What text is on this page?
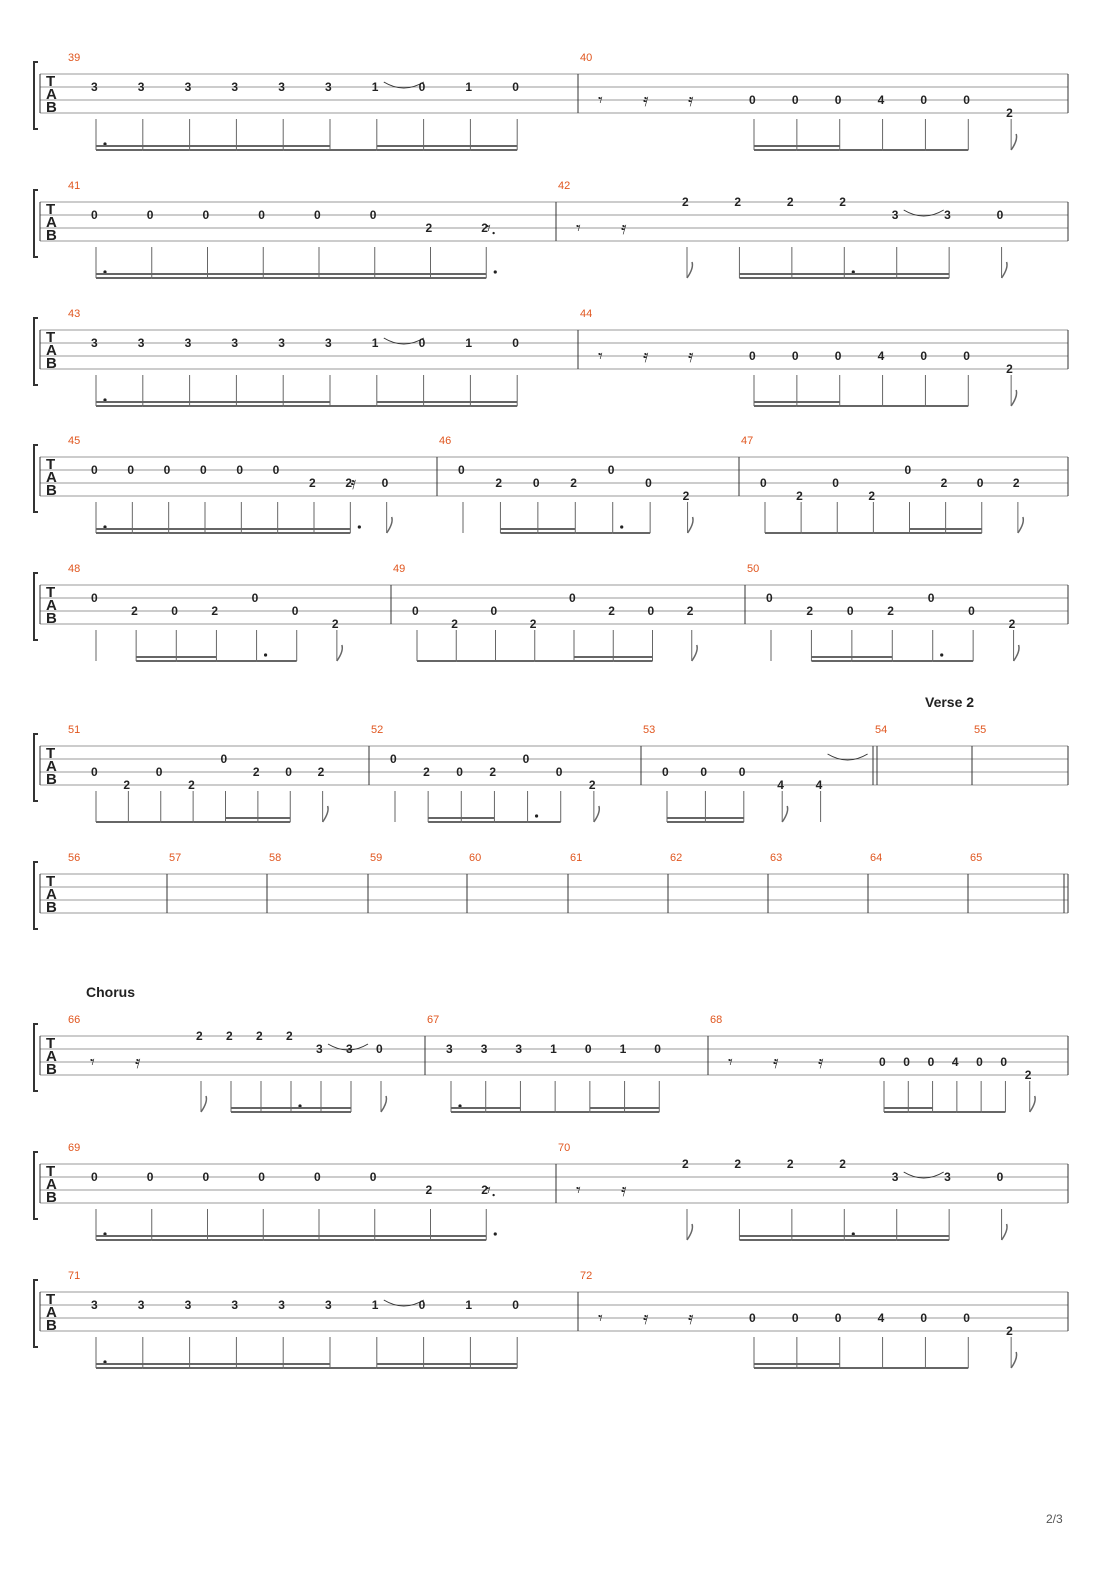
T
A
B
39
3	3	3	3	3	3	1	0	1	0
40
𝄾 𝄿 𝄿	0	0	0	4	0	0
2
T
A
B
41
0	0	0	0	0	0
2	2
𝄾.
42
𝄾 𝄿
2	2	2	2
3	3	0
T
A
B
43
3	3	3	3	3	3	1	0	1	0
44
𝄾 𝄿 𝄿	0	0	0	4	0	0
2
T
A
B
45
0 0 0 0 0 0
2 2 0
𝄿
46
0
2	0	2
0
0
2
47
0
2
0
2
0
2 0 2
T
A
B
48
0
2	0	2
0
0
2
49
0
2
0
2
0
2	0	2
50
0
2	0	2
0
0
2
T
A
B
51
0
2
0
2
0
2 0 2
52
0
2 0 2
0
0
2
53
0	0	0
4	4
54	55
T
A
B
56	57	58	59	60	61	62	63	64	65
T
A
B
66
𝄾 𝄿
2 2 2 2
3 3 0
67
3 3 3 1 0 1 0
68
𝄾 𝄿 𝄿	0 0 0 4 0 0
2
T
A
B
69
0	0	0	0	0	0
2	2
𝄾.
70
𝄾 𝄿
2	2	2	2
3	3	0
T
A
B
71
3	3	3	3	3	3	1	0	1	0
72
𝄾 𝄿 𝄿	0	0	0	4	0	0
2
Verse 2
Chorus
2/3
